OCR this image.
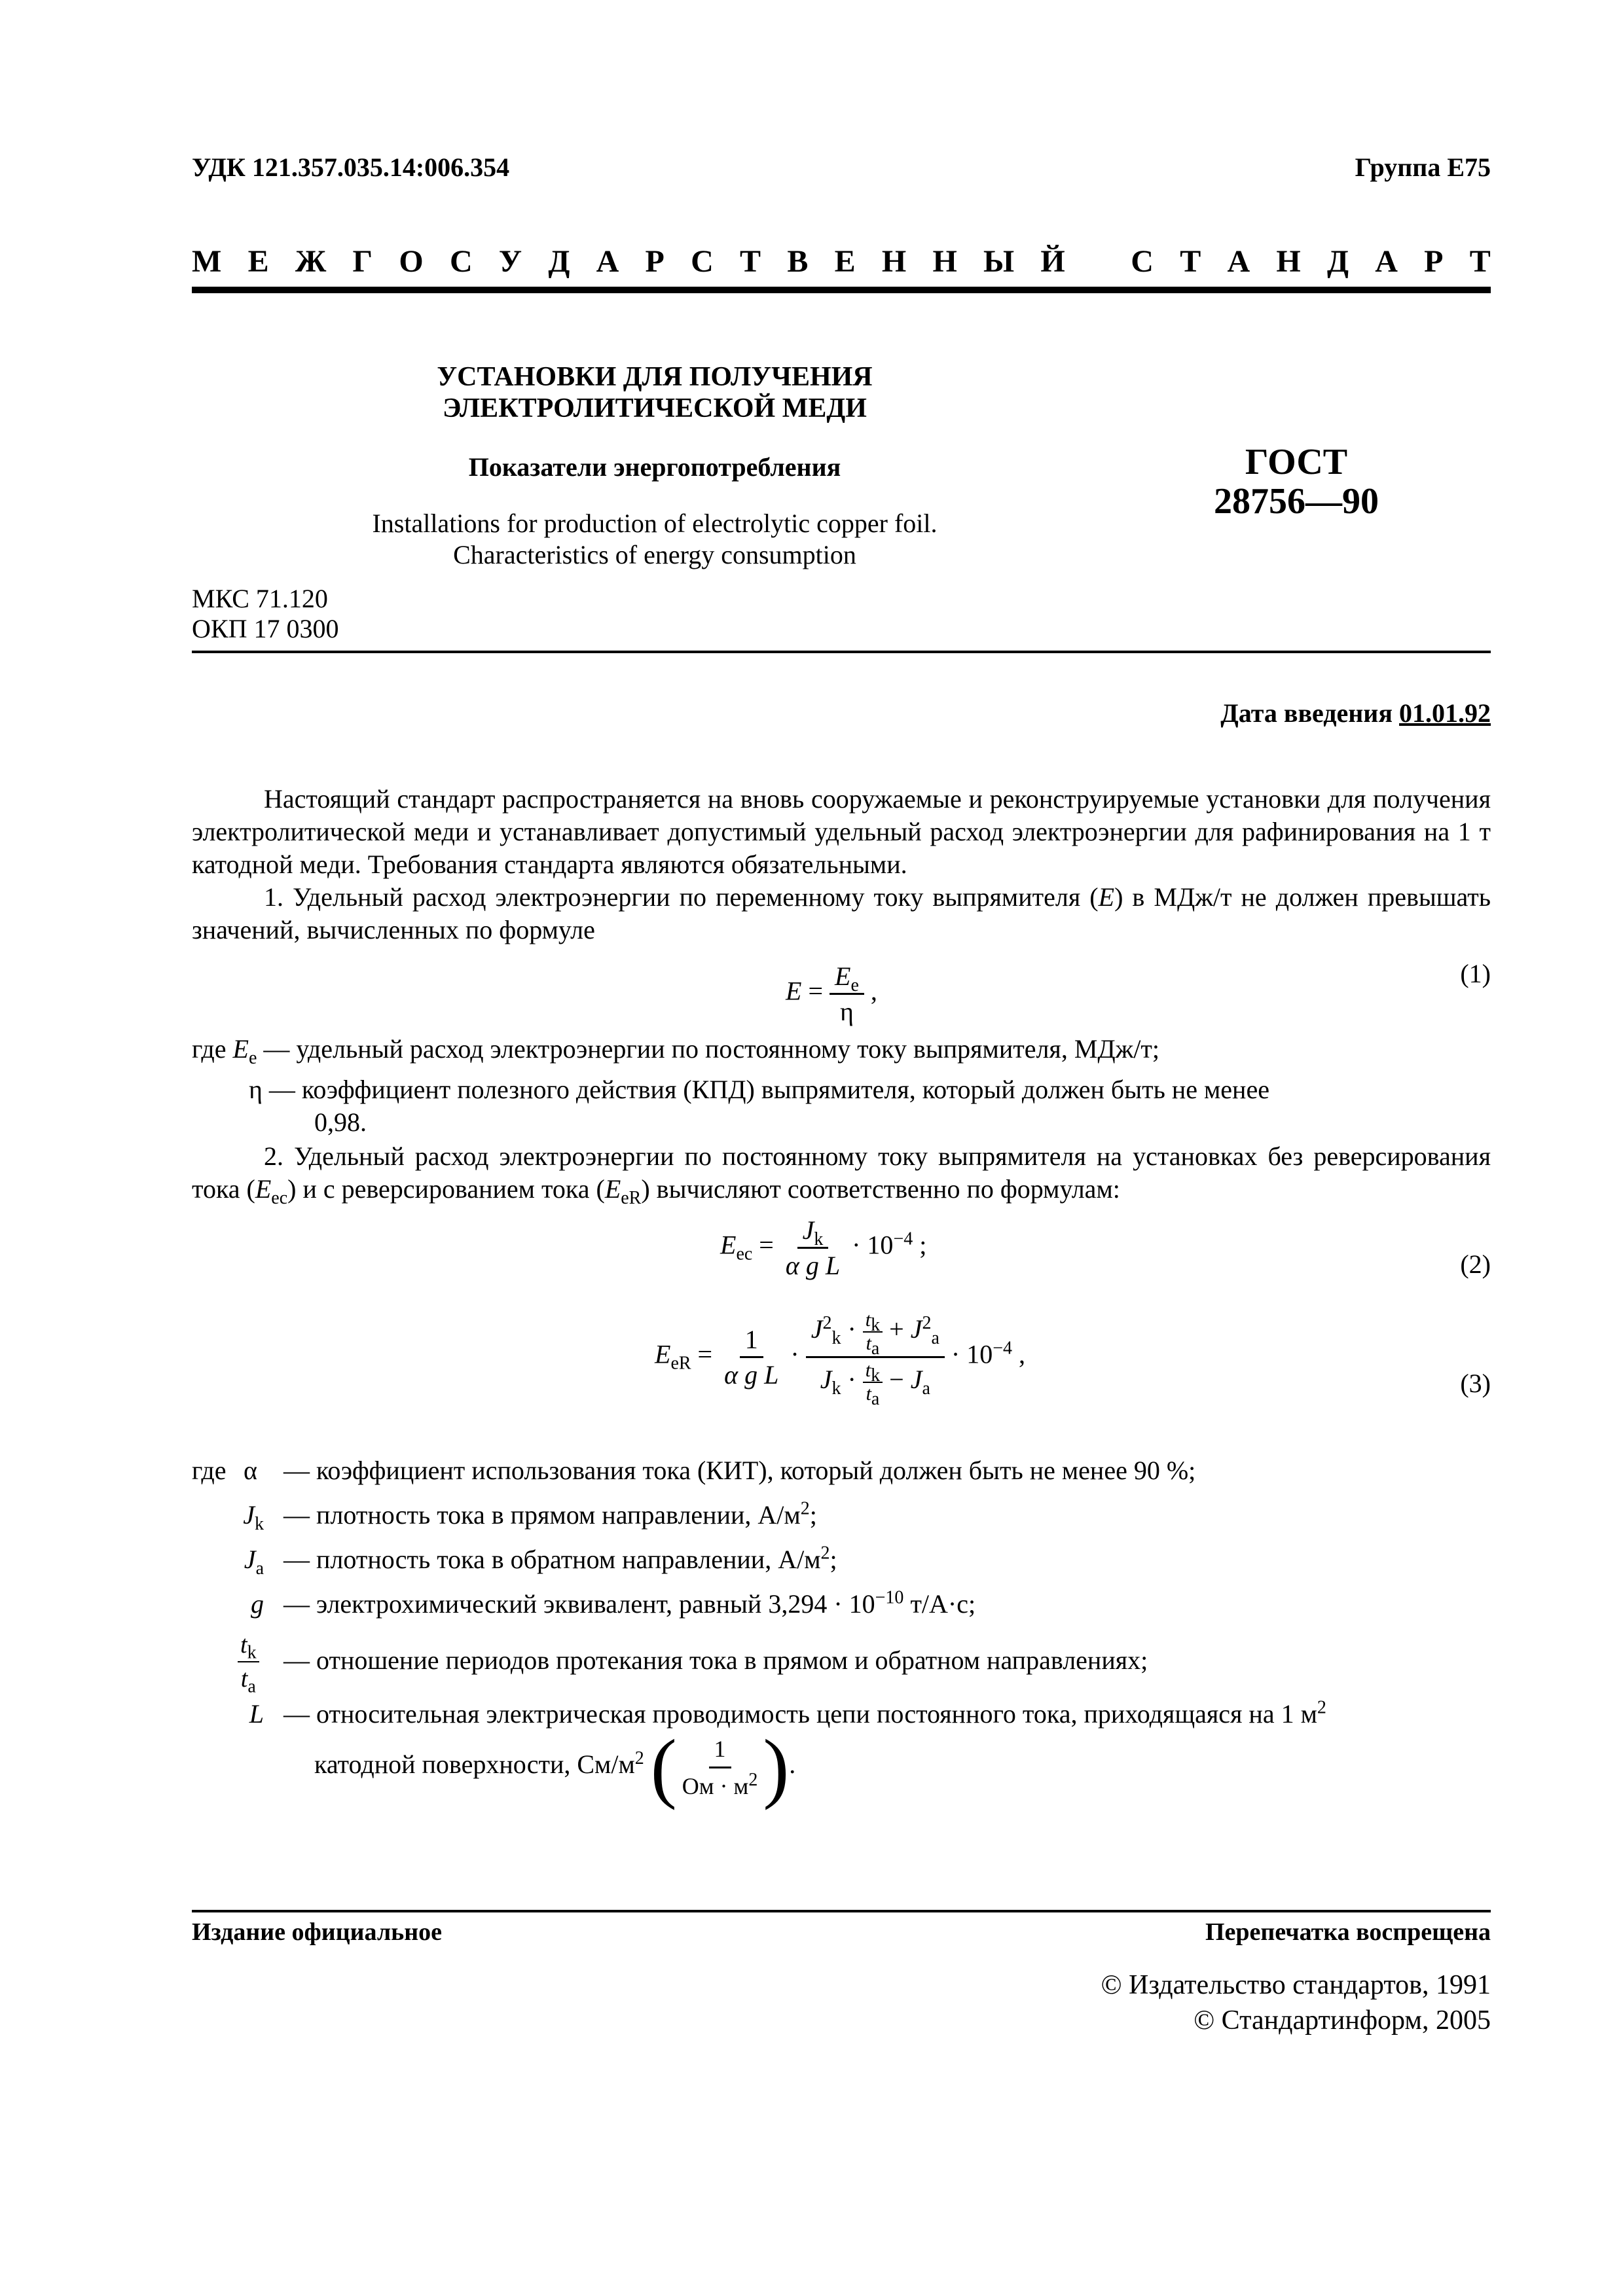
УДК 121.357.035.14:006.354	Группа Е75
М Е Ж Г О С У Д А Р С Т В Е Н Н Ы Й С Т А Н Д А Р Т
УСТАНОВКИ ДЛЯ ПОЛУЧЕНИЯ
ЭЛЕКТРОЛИТИЧЕСКОЙ МЕДИ
Показатели энергопотребления
Installations for production of electrolytic copper foil.
Characteristics of energy consumption
ГОСТ
28756—90
МКС 71.120
ОКП 17 0300
Дата введения 01.01.92
Настоящий стандарт распространяется на вновь сооружаемые и реконструируемые установки для получения электролитической меди и устанавливает допустимый удельный расход электроэнергии для рафинирования на 1 т катодной меди. Требования стандарта являются обязательными.
1. Удельный расход электроэнергии по переменному току выпрямителя (E) в МДж/т не должен превышать значений, вычисленных по формуле
$E = \frac{E_e}{\eta}$ ,
(1)
где $E_e$ — удельный расход электроэнергии по постоянному току выпрямителя, МДж/т;
η — коэффициент полезного действия (КПД) выпрямителя, который должен быть не менее
0,98.
2. Удельный расход электроэнергии по постоянному току выпрямителя на установках без реверсирования тока $(E_{ec})$ и с реверсированием тока $(E_{eR})$ вычисляют соответственно по формулам:
$E_{ec} = \frac{J_k}{\text{α g L}} \cdot 10^{-4}$ ;
(2)
$E_{eR} = \frac{1}{\text{α g L}}$ ·
$J^2_k \cdot \frac{t_k}{t_a} + J^2_a$
$J_k \cdot \frac{t_k}{t_a} - J_a$
· $10^{-4}$ ,
(3)
где α — коэффициент использования тока (КИТ), который должен быть не менее 90 %;
$J_k$ — плотность тока в прямом направлении, $А/м^2$;
$J_a$ — плотность тока в обратном направлении, $А/м^2$;
g — электрохимический эквивалент, равный $3,294 \cdot 10^{-10}$ т/А·с;
$\frac{t_k}{t_a}$ — отношение периодов протекания тока в прямом и обратном направлениях;
L — относительная электрическая проводимость цепи постоянного тока, приходящаяся на 1 $м^2$
катодной поверхности, $См/м^2$ ( $\frac{1}{Ом \cdot м^2}$ ).
Издание официальное	Перепечатка воспрещена
© Издательство стандартов, 1991
© Стандартинформ, 2005
